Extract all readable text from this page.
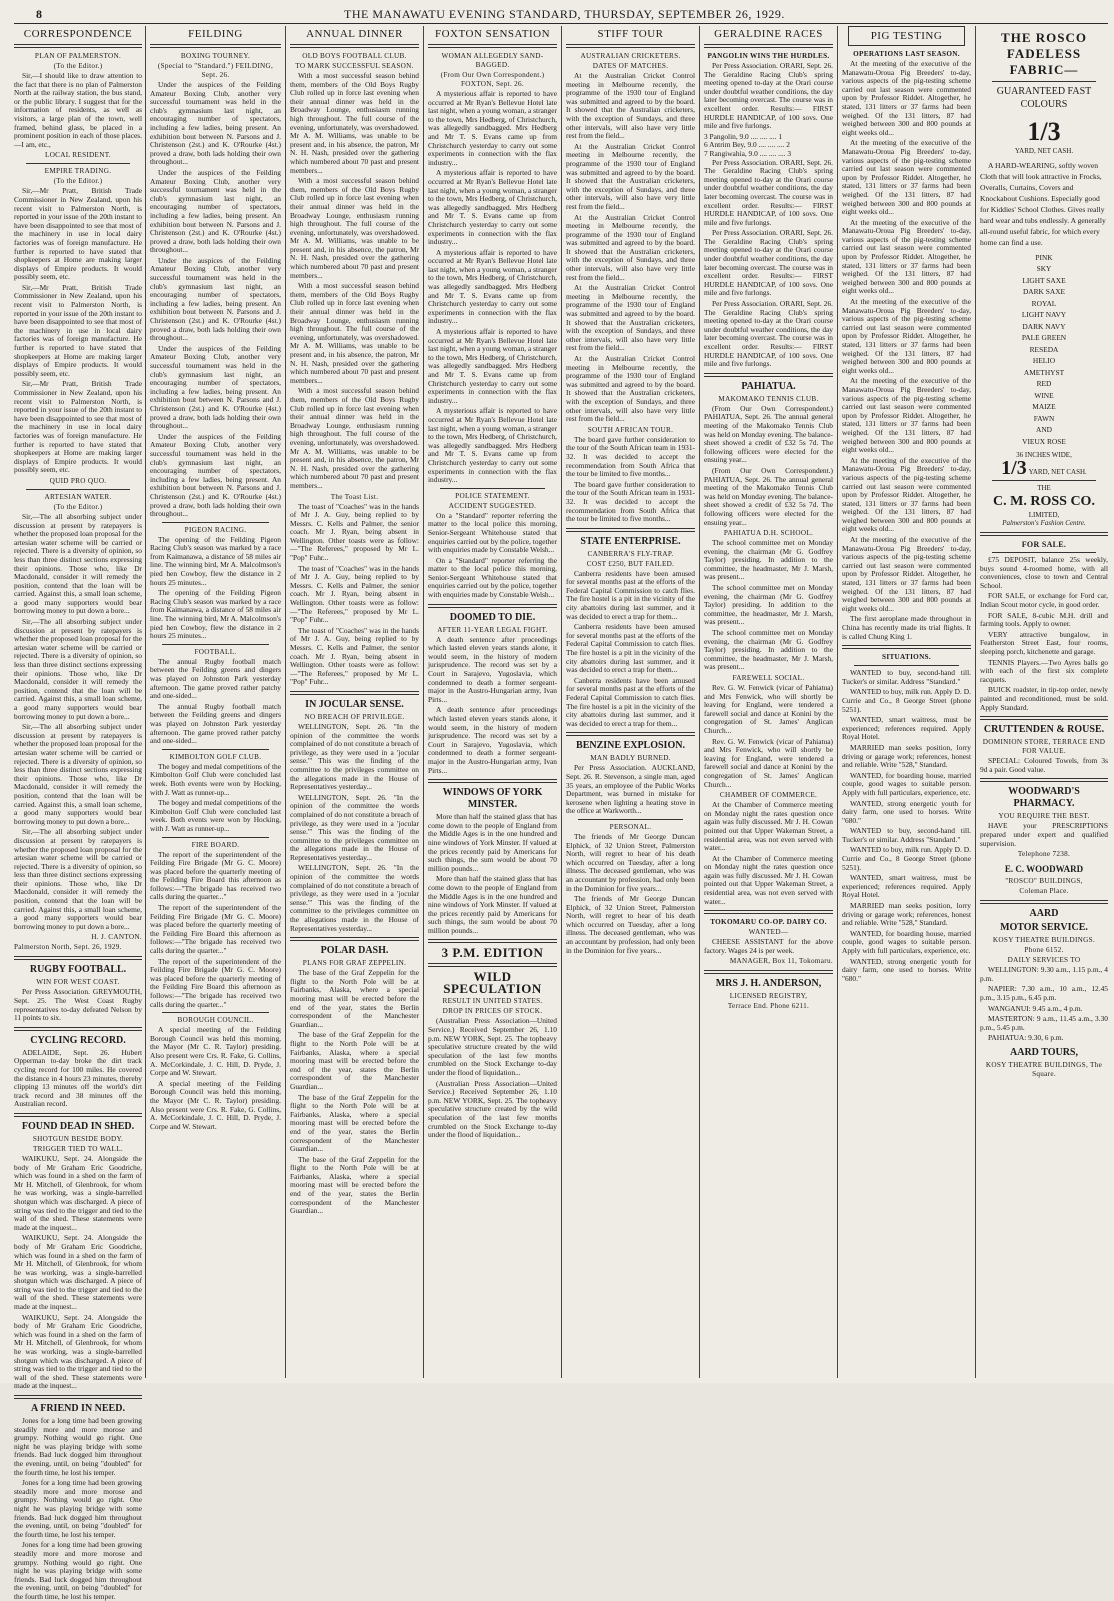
8	THE MANAWATU EVENING STANDARD, THURSDAY, SEPTEMBER 26, 1929.
CORRESPONDENCE
PLAN OF PALMERSTON.
(To the Editor.)

Sir,—I should like to draw attention to the fact that there is no plan of Palmerston North at the railway station, the bus stand, or the public library. I suggest that for the information of residents, as well as visitors, a large plan of the town, well framed, behind glass, be placed in a prominent position in each of those places.—I am, etc.,

LOCAL RESIDENT.
EMPIRE TRADING.
(To the Editor.)

Sir,—Mr Pratt, British Trade Commissioner in New Zealand, upon his recent visit to Palmerston North, is reported in your issue of the 20th instant to have been disappointed to see that most of the machinery in use in local dairy factories was of foreign manufacture. He further is reported to have stated that shopkeepers at Home are making larger displays of Empire products. It would possibly seem, etc.

Sir,—Mr Pratt, British Trade Commissioner in New Zealand, upon his recent visit to Palmerston North, is reported in your issue of the 20th instant to have been disappointed to see that most of the machinery in use in local dairy factories was of foreign manufacture. He further is reported to have stated that shopkeepers at Home are making larger displays of Empire products. It would possibly seem, etc.

Sir,—Mr Pratt, British Trade Commissioner in New Zealand, upon his recent visit to Palmerston North, is reported in your issue of the 20th instant to have been disappointed to see that most of the machinery in use in local dairy factories was of foreign manufacture. He further is reported to have stated that shopkeepers at Home are making larger displays of Empire products. It would possibly seem, etc.

QUID PRO QUO.
ARTESIAN WATER.
(To the Editor.)

Sir,—The all absorbing subject under discussion at present by ratepayers is whether the proposed loan proposal for the artesian water scheme will be carried or rejected. There is a diversity of opinion, so less than three distinct sections expressing their opinions. Those who, like Dr Macdonald, consider it will remedy the position, contend that the loan will be carried. Against this, a small loan scheme, a good many supporters would bear borrowing money to put down a bore...

Sir,—The all absorbing subject under discussion at present by ratepayers is whether the proposed loan proposal for the artesian water scheme will be carried or rejected. There is a diversity of opinion, so less than three distinct sections expressing their opinions. Those who, like Dr Macdonald, consider it will remedy the position, contend that the loan will be carried. Against this, a small loan scheme, a good many supporters would bear borrowing money to put down a bore...

Sir,—The all absorbing subject under discussion at present by ratepayers is whether the proposed loan proposal for the artesian water scheme will be carried or rejected. There is a diversity of opinion, so less than three distinct sections expressing their opinions. Those who, like Dr Macdonald, consider it will remedy the position, contend that the loan will be carried. Against this, a small loan scheme, a good many supporters would bear borrowing money to put down a bore...

Sir,—The all absorbing subject under discussion at present by ratepayers is whether the proposed loan proposal for the artesian water scheme will be carried or rejected. There is a diversity of opinion, so less than three distinct sections expressing their opinions. Those who, like Dr Macdonald, consider it will remedy the position, contend that the loan will be carried. Against this, a small loan scheme, a good many supporters would bear borrowing money to put down a bore...

H. J. CANTON.
Palmerston North, Sept. 26, 1929.
RUGBY FOOTBALL.
WIN FOR WEST COAST.

Per Press Association. GREYMOUTH, Sept. 25. The West Coast Rugby representatives to-day defeated Nelson by 11 points to six.

CYCLING RECORD.

ADELAIDE, Sept. 26. Hubert Opperman to-day broke the dirt track cycling record for 100 miles. He covered the distance in 4 hours 23 minutes, thereby clipping 13 minutes off the world's dirt track record and 38 minutes off the Australian record.

FOUND DEAD IN SHED.
SHOTGUN BESIDE BODY.
TRIGGER TIED TO WALL.

WAIKUKU, Sept. 24. Alongside the body of Mr Graham Eric Goodriche, which was found in a shed on the farm of Mr H. Mitchell, of Glenbrook, for whom he was working, was a single-barrelled shotgun which was discharged. A piece of string was tied to the trigger and tied to the wall of the shed. These statements were made at the inquest...

WAIKUKU, Sept. 24. Alongside the body of Mr Graham Eric Goodriche, which was found in a shed on the farm of Mr H. Mitchell, of Glenbrook, for whom he was working, was a single-barrelled shotgun which was discharged. A piece of string was tied to the trigger and tied to the wall of the shed. These statements were made at the inquest...

WAIKUKU, Sept. 24. Alongside the body of Mr Graham Eric Goodriche, which was found in a shed on the farm of Mr H. Mitchell, of Glenbrook, for whom he was working, was a single-barrelled shotgun which was discharged. A piece of string was tied to the trigger and tied to the wall of the shed. These statements were made at the inquest...

A FRIEND IN NEED.

Jones for a long time had been growing steadily more and more morose and grumpy. Nothing would go right. One night he was playing bridge with some friends. Bad luck dogged him throughout the evening, until, on being "doubled" for the fourth time, he lost his temper.

Jones for a long time had been growing steadily more and more morose and grumpy. Nothing would go right. One night he was playing bridge with some friends. Bad luck dogged him throughout the evening, until, on being "doubled" for the fourth time, he lost his temper.

Jones for a long time had been growing steadily more and more morose and grumpy. Nothing would go right. One night he was playing bridge with some friends. Bad luck dogged him throughout the evening, until, on being "doubled" for the fourth time, he lost his temper.

FEILDING
BOXING TOURNEY.
(Special to "Standard.") FEILDING, Sept. 26.

Under the auspices of the Feilding Amateur Boxing Club, another very successful tournament was held in the club's gymnasium last night, an encouraging number of spectators, including a few ladies, being present. An exhibition bout between N. Parsons and J. Christenson (2st.) and K. O'Rourke (4st.) proved a draw, both lads holding their own throughout...

Under the auspices of the Feilding Amateur Boxing Club, another very successful tournament was held in the club's gymnasium last night, an encouraging number of spectators, including a few ladies, being present. An exhibition bout between N. Parsons and J. Christenson (2st.) and K. O'Rourke (4st.) proved a draw, both lads holding their own throughout...

Under the auspices of the Feilding Amateur Boxing Club, another very successful tournament was held in the club's gymnasium last night, an encouraging number of spectators, including a few ladies, being present. An exhibition bout between N. Parsons and J. Christenson (2st.) and K. O'Rourke (4st.) proved a draw, both lads holding their own throughout...

Under the auspices of the Feilding Amateur Boxing Club, another very successful tournament was held in the club's gymnasium last night, an encouraging number of spectators, including a few ladies, being present. An exhibition bout between N. Parsons and J. Christenson (2st.) and K. O'Rourke (4st.) proved a draw, both lads holding their own throughout...

Under the auspices of the Feilding Amateur Boxing Club, another very successful tournament was held in the club's gymnasium last night, an encouraging number of spectators, including a few ladies, being present. An exhibition bout between N. Parsons and J. Christenson (2st.) and K. O'Rourke (4st.) proved a draw, both lads holding their own throughout...

PIGEON RACING.

The opening of the Feilding Pigeon Racing Club's season was marked by a race from Kaimanawa, a distance of 58 miles air line. The winning bird, Mr A. Malcolmson's pied hen Cowboy, flew the distance in 2 hours 25 minutes...

The opening of the Feilding Pigeon Racing Club's season was marked by a race from Kaimanawa, a distance of 58 miles air line. The winning bird, Mr A. Malcolmson's pied hen Cowboy, flew the distance in 2 hours 25 minutes...

FOOTBALL.

The annual Rugby football match between the Feilding greens and dingers was played on Johnston Park yesterday afternoon. The game proved rather patchy and one-sided...

The annual Rugby football match between the Feilding greens and dingers was played on Johnston Park yesterday afternoon. The game proved rather patchy and one-sided...

KIMBOLTON GOLF CLUB.

The bogey and medal competitions of the Kimbolton Golf Club were concluded last week. Both events were won by Hocking, with J. Watt as runner-up...

The bogey and medal competitions of the Kimbolton Golf Club were concluded last week. Both events were won by Hocking, with J. Watt as runner-up...

FIRE BOARD.

The report of the superintendent of the Feilding Fire Brigade (Mr G. C. Moore) was placed before the quarterly meeting of the Feilding Fire Board this afternoon as follows:—"The brigade has received two calls during the quarter..."

The report of the superintendent of the Feilding Fire Brigade (Mr G. C. Moore) was placed before the quarterly meeting of the Feilding Fire Board this afternoon as follows:—"The brigade has received two calls during the quarter..."

The report of the superintendent of the Feilding Fire Brigade (Mr G. C. Moore) was placed before the quarterly meeting of the Feilding Fire Board this afternoon as follows:—"The brigade has received two calls during the quarter..."

BOROUGH COUNCIL.

A special meeting of the Feilding Borough Council was held this morning, the Mayor (Mr C. R. Taylor) presiding. Also present were Crs. R. Fake, G. Collins, A. McCorkindale, J. C. Hill, D. Pryde, J. Corpe and W. Stewart.

A special meeting of the Feilding Borough Council was held this morning, the Mayor (Mr C. R. Taylor) presiding. Also present were Crs. R. Fake, G. Collins, A. McCorkindale, J. C. Hill, D. Pryde, J. Corpe and W. Stewart.

ANNUAL DINNER
OLD BOYS FOOTBALL CLUB.
TO MARK SUCCESSFUL SEASON.

With a most successful season behind them, members of the Old Boys Rugby Club rolled up in force last evening when their annual dinner was held in the Broadway Lounge, enthusiasm running high throughout. The full course of the evening, unfortunately, was overshadowed. Mr A. M. Williams, was unable to be present and, in his absence, the patron, Mr N. H. Nash, presided over the gathering which numbered about 70 past and present members...

With a most successful season behind them, members of the Old Boys Rugby Club rolled up in force last evening when their annual dinner was held in the Broadway Lounge, enthusiasm running high throughout. The full course of the evening, unfortunately, was overshadowed. Mr A. M. Williams, was unable to be present and, in his absence, the patron, Mr N. H. Nash, presided over the gathering which numbered about 70 past and present members...

With a most successful season behind them, members of the Old Boys Rugby Club rolled up in force last evening when their annual dinner was held in the Broadway Lounge, enthusiasm running high throughout. The full course of the evening, unfortunately, was overshadowed. Mr A. M. Williams, was unable to be present and, in his absence, the patron, Mr N. H. Nash, presided over the gathering which numbered about 70 past and present members...

With a most successful season behind them, members of the Old Boys Rugby Club rolled up in force last evening when their annual dinner was held in the Broadway Lounge, enthusiasm running high throughout. The full course of the evening, unfortunately, was overshadowed. Mr A. M. Williams, was unable to be present and, in his absence, the patron, Mr N. H. Nash, presided over the gathering which numbered about 70 past and present members...

The Toast List.

The toast of "Coaches" was in the hands of Mr J. A. Guy, being replied to by Messrs. C. Kells and Palmer, the senior coach. Mr J. Ryan, being absent in Wellington. Other toasts were as follow:—"The Referees," proposed by Mr L. "Pop" Fuhr...

The toast of "Coaches" was in the hands of Mr J. A. Guy, being replied to by Messrs. C. Kells and Palmer, the senior coach. Mr J. Ryan, being absent in Wellington. Other toasts were as follow:—"The Referees," proposed by Mr L. "Pop" Fuhr...

The toast of "Coaches" was in the hands of Mr J. A. Guy, being replied to by Messrs. C. Kells and Palmer, the senior coach. Mr J. Ryan, being absent in Wellington. Other toasts were as follow:—"The Referees," proposed by Mr L. "Pop" Fuhr...

IN JOCULAR SENSE.
NO BREACH OF PRIVILEGE.

WELLINGTON, Sept. 26. "In the opinion of the committee the words complained of do not constitute a breach of privilege, as they were used in a 'jocular sense.'" This was the finding of the committee to the privileges committee on the allegations made in the House of Representatives yesterday...

WELLINGTON, Sept. 26. "In the opinion of the committee the words complained of do not constitute a breach of privilege, as they were used in a 'jocular sense.'" This was the finding of the committee to the privileges committee on the allegations made in the House of Representatives yesterday...

WELLINGTON, Sept. 26. "In the opinion of the committee the words complained of do not constitute a breach of privilege, as they were used in a 'jocular sense.'" This was the finding of the committee to the privileges committee on the allegations made in the House of Representatives yesterday...

POLAR DASH.
PLANS FOR GRAF ZEPPELIN.

The base of the Graf Zeppelin for the flight to the North Pole will be at Fairbanks, Alaska, where a special mooring mast will be erected before the end of the year, states the Berlin correspondent of the Manchester Guardian...

The base of the Graf Zeppelin for the flight to the North Pole will be at Fairbanks, Alaska, where a special mooring mast will be erected before the end of the year, states the Berlin correspondent of the Manchester Guardian...

The base of the Graf Zeppelin for the flight to the North Pole will be at Fairbanks, Alaska, where a special mooring mast will be erected before the end of the year, states the Berlin correspondent of the Manchester Guardian...

The base of the Graf Zeppelin for the flight to the North Pole will be at Fairbanks, Alaska, where a special mooring mast will be erected before the end of the year, states the Berlin correspondent of the Manchester Guardian...

FOXTON SENSATION
WOMAN ALLEGEDLY SAND-BAGGED.
(From Our Own Correspondent.) FOXTON, Sept. 26.

A mysterious affair is reported to have occurred at Mr Ryan's Bellevue Hotel late last night, when a young woman, a stranger to the town, Mrs Hedberg, of Christchurch, was allegedly sandbagged. Mrs Hedberg and Mr T. S. Evans came up from Christchurch yesterday to carry out some experiments in connection with the flax industry...

A mysterious affair is reported to have occurred at Mr Ryan's Bellevue Hotel late last night, when a young woman, a stranger to the town, Mrs Hedberg, of Christchurch, was allegedly sandbagged. Mrs Hedberg and Mr T. S. Evans came up from Christchurch yesterday to carry out some experiments in connection with the flax industry...

A mysterious affair is reported to have occurred at Mr Ryan's Bellevue Hotel late last night, when a young woman, a stranger to the town, Mrs Hedberg, of Christchurch, was allegedly sandbagged. Mrs Hedberg and Mr T. S. Evans came up from Christchurch yesterday to carry out some experiments in connection with the flax industry...

A mysterious affair is reported to have occurred at Mr Ryan's Bellevue Hotel late last night, when a young woman, a stranger to the town, Mrs Hedberg, of Christchurch, was allegedly sandbagged. Mrs Hedberg and Mr T. S. Evans came up from Christchurch yesterday to carry out some experiments in connection with the flax industry...

A mysterious affair is reported to have occurred at Mr Ryan's Bellevue Hotel late last night, when a young woman, a stranger to the town, Mrs Hedberg, of Christchurch, was allegedly sandbagged. Mrs Hedberg and Mr T. S. Evans came up from Christchurch yesterday to carry out some experiments in connection with the flax industry...

POLICE STATEMENT.
ACCIDENT SUGGESTED.

On a "Standard" reporter referring the matter to the local police this morning, Senior-Sergeant Whitehouse stated that enquiries carried out by the police, together with enquiries made by Constable Welsh...

On a "Standard" reporter referring the matter to the local police this morning, Senior-Sergeant Whitehouse stated that enquiries carried out by the police, together with enquiries made by Constable Welsh...

DOOMED TO DIE.
AFTER 11-YEAR LEGAL FIGHT.

A death sentence after proceedings which lasted eleven years stands alone, it would seem, in the history of modern jurisprudence. The record was set by a Court in Sarajevo, Yugoslavia, which condemned to death a former sergeant-major in the Austro-Hungarian army, Ivan Pirts...

A death sentence after proceedings which lasted eleven years stands alone, it would seem, in the history of modern jurisprudence. The record was set by a Court in Sarajevo, Yugoslavia, which condemned to death a former sergeant-major in the Austro-Hungarian army, Ivan Pirts...

WINDOWS OF YORK MINSTER.

More than half the stained glass that has come down to the people of England from the Middle Ages is in the one hundred and nine windows of York Minster. If valued at the prices recently paid by Americans for such things, the sum would be about 70 million pounds...

More than half the stained glass that has come down to the people of England from the Middle Ages is in the one hundred and nine windows of York Minster. If valued at the prices recently paid by Americans for such things, the sum would be about 70 million pounds...

3 P.M. EDITION
WILD SPECULATION
RESULT IN UNITED STATES.
DROP IN PRICES OF STOCK.

(Australian Press Association—United Service.) Received September 26, 1.10 p.m. NEW YORK, Sept. 25. The topheavy speculative structure created by the wild speculation of the last few months crumbled on the Stock Exchange to-day under the flood of liquidation...

(Australian Press Association—United Service.) Received September 26, 1.10 p.m. NEW YORK, Sept. 25. The topheavy speculative structure created by the wild speculation of the last few months crumbled on the Stock Exchange to-day under the flood of liquidation...

STIFF TOUR
AUSTRALIAN CRICKETERS.
DATES OF MATCHES.

At the Australian Cricket Control meeting in Melbourne recently, the programme of the 1930 tour of England was submitted and agreed to by the board. It showed that the Australian cricketers, with the exception of Sundays, and three other intervals, will also have very little rest from the field...

At the Australian Cricket Control meeting in Melbourne recently, the programme of the 1930 tour of England was submitted and agreed to by the board. It showed that the Australian cricketers, with the exception of Sundays, and three other intervals, will also have very little rest from the field...

At the Australian Cricket Control meeting in Melbourne recently, the programme of the 1930 tour of England was submitted and agreed to by the board. It showed that the Australian cricketers, with the exception of Sundays, and three other intervals, will also have very little rest from the field...

At the Australian Cricket Control meeting in Melbourne recently, the programme of the 1930 tour of England was submitted and agreed to by the board. It showed that the Australian cricketers, with the exception of Sundays, and three other intervals, will also have very little rest from the field...

At the Australian Cricket Control meeting in Melbourne recently, the programme of the 1930 tour of England was submitted and agreed to by the board. It showed that the Australian cricketers, with the exception of Sundays, and three other intervals, will also have very little rest from the field...

SOUTH AFRICAN TOUR.

The board gave further consideration to the tour of the South African team in 1931-32. It was decided to accept the recommendation from South Africa that the tour be limited to five months...

The board gave further consideration to the tour of the South African team in 1931-32. It was decided to accept the recommendation from South Africa that the tour be limited to five months...

STATE ENTERPRISE.
CANBERRA'S FLY-TRAP.
COST £250, BUT FAILED.

Canberra residents have been amused for several months past at the efforts of the Federal Capital Commission to catch flies. The fire hostel is a pit in the vicinity of the city abattoirs during last summer, and it was decided to erect a trap for them...

Canberra residents have been amused for several months past at the efforts of the Federal Capital Commission to catch flies. The fire hostel is a pit in the vicinity of the city abattoirs during last summer, and it was decided to erect a trap for them...

Canberra residents have been amused for several months past at the efforts of the Federal Capital Commission to catch flies. The fire hostel is a pit in the vicinity of the city abattoirs during last summer, and it was decided to erect a trap for them...

BENZINE EXPLOSION.
MAN BADLY BURNED.

Per Press Association. AUCKLAND, Sept. 26. R. Stevenson, a single man, aged 35 years, an employee of the Public Works Department, was burned in mistake for kerosene when lighting a heating stove in the office at Warkworth...

PERSONAL.

The friends of Mr George Duncan Elphick, of 32 Union Street, Palmerston North, will regret to hear of his death which occurred on Tuesday, after a long illness. The deceased gentleman, who was an accountant by profession, had only been in the Dominion for five years...

The friends of Mr George Duncan Elphick, of 32 Union Street, Palmerston North, will regret to hear of his death which occurred on Tuesday, after a long illness. The deceased gentleman, who was an accountant by profession, had only been in the Dominion for five years...

GERALDINE RACES
PANGOLIN WINS THE HURDLES.

Per Press Association. ORARI, Sept. 26. The Geraldine Racing Club's spring meeting opened to-day at the Orari course under doubtful weather conditions, the day later becoming overcast. The course was in excellent order. Results:— FIRST HURDLE HANDICAP, of 100 sovs. One mile and five furlongs.

3 Pangolin, 9.0 .... .... .... 1
6 Antrim Bey, 9.0 .... .... .... 2
7 Rangiwahia, 9.0 .... .... .... 3

Per Press Association. ORARI, Sept. 26. The Geraldine Racing Club's spring meeting opened to-day at the Orari course under doubtful weather conditions, the day later becoming overcast. The course was in excellent order. Results:— FIRST HURDLE HANDICAP, of 100 sovs. One mile and five furlongs.

Per Press Association. ORARI, Sept. 26. The Geraldine Racing Club's spring meeting opened to-day at the Orari course under doubtful weather conditions, the day later becoming overcast. The course was in excellent order. Results:— FIRST HURDLE HANDICAP, of 100 sovs. One mile and five furlongs.

Per Press Association. ORARI, Sept. 26. The Geraldine Racing Club's spring meeting opened to-day at the Orari course under doubtful weather conditions, the day later becoming overcast. The course was in excellent order. Results:— FIRST HURDLE HANDICAP, of 100 sovs. One mile and five furlongs.

PAHIATUA.
MAKOMAKO TENNIS CLUB.

(From Our Own Correspondent.) PAHIATUA, Sept. 26. The annual general meeting of the Makomako Tennis Club was held on Monday evening. The balance-sheet showed a credit of £32 5s 7d. The following officers were elected for the ensuing year...

(From Our Own Correspondent.) PAHIATUA, Sept. 26. The annual general meeting of the Makomako Tennis Club was held on Monday evening. The balance-sheet showed a credit of £32 5s 7d. The following officers were elected for the ensuing year...

PAHIATUA D.H. SCHOOL.

The school committee met on Monday evening, the chairman (Mr G. Godfrey Taylor) presiding. In addition to the committee, the headmaster, Mr J. Marsh, was present...

The school committee met on Monday evening, the chairman (Mr G. Godfrey Taylor) presiding. In addition to the committee, the headmaster, Mr J. Marsh, was present...

The school committee met on Monday evening, the chairman (Mr G. Godfrey Taylor) presiding. In addition to the committee, the headmaster, Mr J. Marsh, was present...

FAREWELL SOCIAL.

Rev. G. W. Fenwick (vicar of Pahiatua) and Mrs Fenwick, who will shortly be leaving for England, were tendered a farewell social and dance at Konini by the congregation of St. James' Anglican Church...

Rev. G. W. Fenwick (vicar of Pahiatua) and Mrs Fenwick, who will shortly be leaving for England, were tendered a farewell social and dance at Konini by the congregation of St. James' Anglican Church...

CHAMBER OF COMMERCE.

At the Chamber of Commerce meeting on Monday night the rates question once again was fully discussed. Mr J. H. Cowan pointed out that Upper Wakeman Street, a residential area, was not even served with water...

At the Chamber of Commerce meeting on Monday night the rates question once again was fully discussed. Mr J. H. Cowan pointed out that Upper Wakeman Street, a residential area, was not even served with water...

TOKOMARU CO-OP. DAIRY CO.
WANTED—

CHEESE ASSISTANT for the above factory. Wages 24 is per week.

MANAGER, Box 11, Tokomaru.
MRS J. H. ANDERSON,
LICENSED REGISTRY,
Terrace End. Phone 6211.
PIG TESTING
OPERATIONS LAST SEASON.

At the meeting of the executive of the Manawatu-Oroua Pig Breeders' to-day, various aspects of the pig-testing scheme carried out last season were commented upon by Professor Riddet. Altogether, he stated, 131 litters or 37 farms had been weighed. Of the 131 litters, 87 had weighed between 300 and 800 pounds at eight weeks old...

At the meeting of the executive of the Manawatu-Oroua Pig Breeders' to-day, various aspects of the pig-testing scheme carried out last season were commented upon by Professor Riddet. Altogether, he stated, 131 litters or 37 farms had been weighed. Of the 131 litters, 87 had weighed between 300 and 800 pounds at eight weeks old...

At the meeting of the executive of the Manawatu-Oroua Pig Breeders' to-day, various aspects of the pig-testing scheme carried out last season were commented upon by Professor Riddet. Altogether, he stated, 131 litters or 37 farms had been weighed. Of the 131 litters, 87 had weighed between 300 and 800 pounds at eight weeks old...

At the meeting of the executive of the Manawatu-Oroua Pig Breeders' to-day, various aspects of the pig-testing scheme carried out last season were commented upon by Professor Riddet. Altogether, he stated, 131 litters or 37 farms had been weighed. Of the 131 litters, 87 had weighed between 300 and 800 pounds at eight weeks old...

At the meeting of the executive of the Manawatu-Oroua Pig Breeders' to-day, various aspects of the pig-testing scheme carried out last season were commented upon by Professor Riddet. Altogether, he stated, 131 litters or 37 farms had been weighed. Of the 131 litters, 87 had weighed between 300 and 800 pounds at eight weeks old...

At the meeting of the executive of the Manawatu-Oroua Pig Breeders' to-day, various aspects of the pig-testing scheme carried out last season were commented upon by Professor Riddet. Altogether, he stated, 131 litters or 37 farms had been weighed. Of the 131 litters, 87 had weighed between 300 and 800 pounds at eight weeks old...

At the meeting of the executive of the Manawatu-Oroua Pig Breeders' to-day, various aspects of the pig-testing scheme carried out last season were commented upon by Professor Riddet. Altogether, he stated, 131 litters or 37 farms had been weighed. Of the 131 litters, 87 had weighed between 300 and 800 pounds at eight weeks old...

The first aeroplane made throughout in China has recently made its trial flights. It is called Chung King 1.

SITUATIONS.

WANTED to buy, second-hand till. Tucker's or similar. Address "Standard."

WANTED to buy, milk run. Apply D. D. Currie and Co., 8 George Street (phone 5251).

WANTED, smart waitress, must be experienced; references required. Apply Royal Hotel.

MARRIED man seeks position, lorry driving or garage work; references, honest and reliable. Write "528," Standard.

WANTED, for boarding house, married couple, good wages to suitable person. Apply with full particulars, experience, etc.

WANTED, strong energetic youth for dairy farm, one used to horses. Write "680."

WANTED to buy, second-hand till. Tucker's or similar. Address "Standard."

WANTED to buy, milk run. Apply D. D. Currie and Co., 8 George Street (phone 5251).

WANTED, smart waitress, must be experienced; references required. Apply Royal Hotel.

MARRIED man seeks position, lorry driving or garage work; references, honest and reliable. Write "528," Standard.

WANTED, for boarding house, married couple, good wages to suitable person. Apply with full particulars, experience, etc.

WANTED, strong energetic youth for dairy farm, one used to horses. Write "680."

THE ROSCO FADELESS FABRIC—
GUARANTEED FAST COLOURS
1/3
YARD, NET CASH.

A HARD-WEARING, softly woven Cloth that will look attractive in Frocks, Overalls, Curtains, Covers and Knockabout Cushions. Especially good for Kiddies' School Clothes. Gives really hard wear and tubs endlessly. A generally all-round useful fabric, for which every home can find a use.

PINK
SKY
LIGHT SAXE
DARK SAXE
ROYAL
LIGHT NAVY
DARK NAVY
PALE GREEN
RESEDA
HELIO
AMETHYST
RED
WINE
MAIZE
FAWN
AND
VIEUX ROSE
36 INCHES WIDE,
1/3 YARD, NET CASH.
THE
C. M. ROSS CO.
LIMITED,
Palmerston's Fashion Centre.
FOR SALE.

£75 DEPOSIT, balance 25s weekly, buys sound 4-roomed home, with all conveniences, close to town and Central School.

FOR SALE, or exchange for Ford car, Indian Scout motor cycle, in good order.

FOR SALE, 8-cubic M.H. drill and farming tools. Apply to owner.

VERY attractive bungalow, in Featherston Street East, four rooms, sleeping porch, kitchenette and garage.

TENNIS Players.—Two Ayres balls go with each of the first six complete racquets.

BUICK roadster, in tip-top order, newly painted and reconditioned, must be sold. Apply Standard.

CRUTTENDEN & ROUSE.
DOMINION STORE, TERRACE END FOR VALUE.

SPECIAL: Coloured Towels, from 3s 9d a pair. Good value.

WOODWARD'S PHARMACY.
YOU REQUIRE THE BEST.

HAVE your PRESCRIPTIONS prepared under expert and qualified supervision.

Telephone 7238.
E. C. WOODWARD
"ROSCO" BUILDINGS,
Coleman Place.
AARD
MOTOR SERVICE.
KOSY THEATRE BUILDINGS.
Phone 6152.
DAILY SERVICES TO

WELLINGTON: 9.30 a.m., 1.15 p.m., 4 p.m.

NAPIER: 7.30 a.m., 10 a.m., 12.45 p.m., 3.15 p.m., 6.45 p.m.

WANGANUI: 9.45 a.m., 4 p.m.

MASTERTON: 9 a.m., 11.45 a.m., 3.30 p.m., 5.45 p.m.

PAHIATUA: 9.30, 6 p.m.

AARD TOURS,
KOSY THEATRE BUILDINGS, The Square.
